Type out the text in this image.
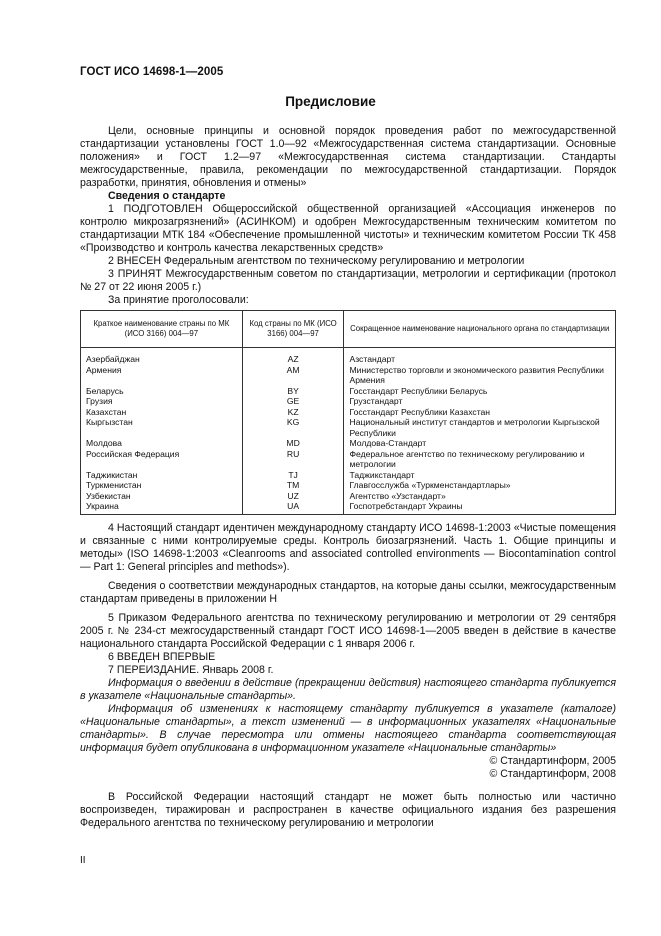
ГОСТ ИСО 14698-1—2005
Предисловие

Цели, основные принципы и основной порядок проведения работ по межгосударственной стандартизации установлены ГОСТ 1.0—92 «Межгосударственная система стандартизации. Основные положения» и ГОСТ 1.2—97 «Межгосударственная система стандартизации. Стандарты межгосударственные, правила, рекомендации по межгосударственной стандартизации. Порядок разработки, принятия, обновления и отмены»

Сведения о стандарте

1 ПОДГОТОВЛЕН Общероссийской общественной организацией «Ассоциация инженеров по контролю микрозагрязнений» (АСИНКОМ) и одобрен Межгосударственным техническим комитетом по стандартизации МТК 184 «Обеспечение промышленной чистоты» и техническим комитетом России ТК 458 «Производство и контроль качества лекарственных средств»

2 ВНЕСЕН Федеральным агентством по техническому регулированию и метрологии

3 ПРИНЯТ Межгосударственным советом по стандартизации, метрологии и сертификации (протокол № 27 от 22 июня 2005 г.)

За принятие проголосовали:

Краткое наименование страны по МК (ИСО 3166) 004—97	Код страны по МК (ИСО 3166) 004—97	Сокращенное наименование национального органа по стандартизации
Азербайджан	AZ	Азстандарт
Армения	AM	Министерство торговли и экономического развития Республики Армения
Беларусь	BY	Госстандарт Республики Беларусь
Грузия	GE	Грузстандарт
Казахстан	KZ	Госстандарт Республики Казахстан
Кыргызстан	KG	Национальный институт стандартов и метрологии Кыргызской Республики
Молдова	MD	Молдова-Стандарт
Российская Федерация	RU	Федеральное агентство по техническому регулированию и метрологии
Таджикистан	TJ	Таджикстандарт
Туркменистан	TM	Главгосслужба «Туркменстандартлары»
Узбекистан	UZ	Агентство «Узстандарт»
Украина	UA	Госпотребстандарт Украины

4 Настоящий стандарт идентичен международному стандарту ИСО 14698-1:2003 «Чистые помещения и связанные с ними контролируемые среды. Контроль биозагрязнений. Часть 1. Общие принципы и методы» (ISO 14698-1:2003 «Cleanrooms and associated controlled environments — Biocontamination control — Part 1: General principles and methods»).

Сведения о соответствии международных стандартов, на которые даны ссылки, межгосударственным стандартам приведены в приложении Н

5 Приказом Федерального агентства по техническому регулированию и метрологии от 29 сентября 2005 г. № 234-ст межгосударственный стандарт ГОСТ ИСО 14698-1—2005 введен в действие в качестве национального стандарта Российской Федерации с 1 января 2006 г.

6 ВВЕДЕН ВПЕРВЫЕ

7 ПЕРЕИЗДАНИЕ. Январь 2008 г.

Информация о введении в действие (прекращении действия) настоящего стандарта публикуется в указателе «Национальные стандарты».

Информация об изменениях к настоящему стандарту публикуется в указателе (каталоге) «Национальные стандарты», а текст изменений — в информационных указателях «Национальные стандарты». В случае пересмотра или отмены настоящего стандарта соответствующая информация будет опубликована в информационном указателе «Национальные стандарты»

© Стандартинформ, 2005

© Стандартинформ, 2008

В Российской Федерации настоящий стандарт не может быть полностью или частично воспроизведен, тиражирован и распространен в качестве официального издания без разрешения Федерального агентства по техническому регулированию и метрологии

II
